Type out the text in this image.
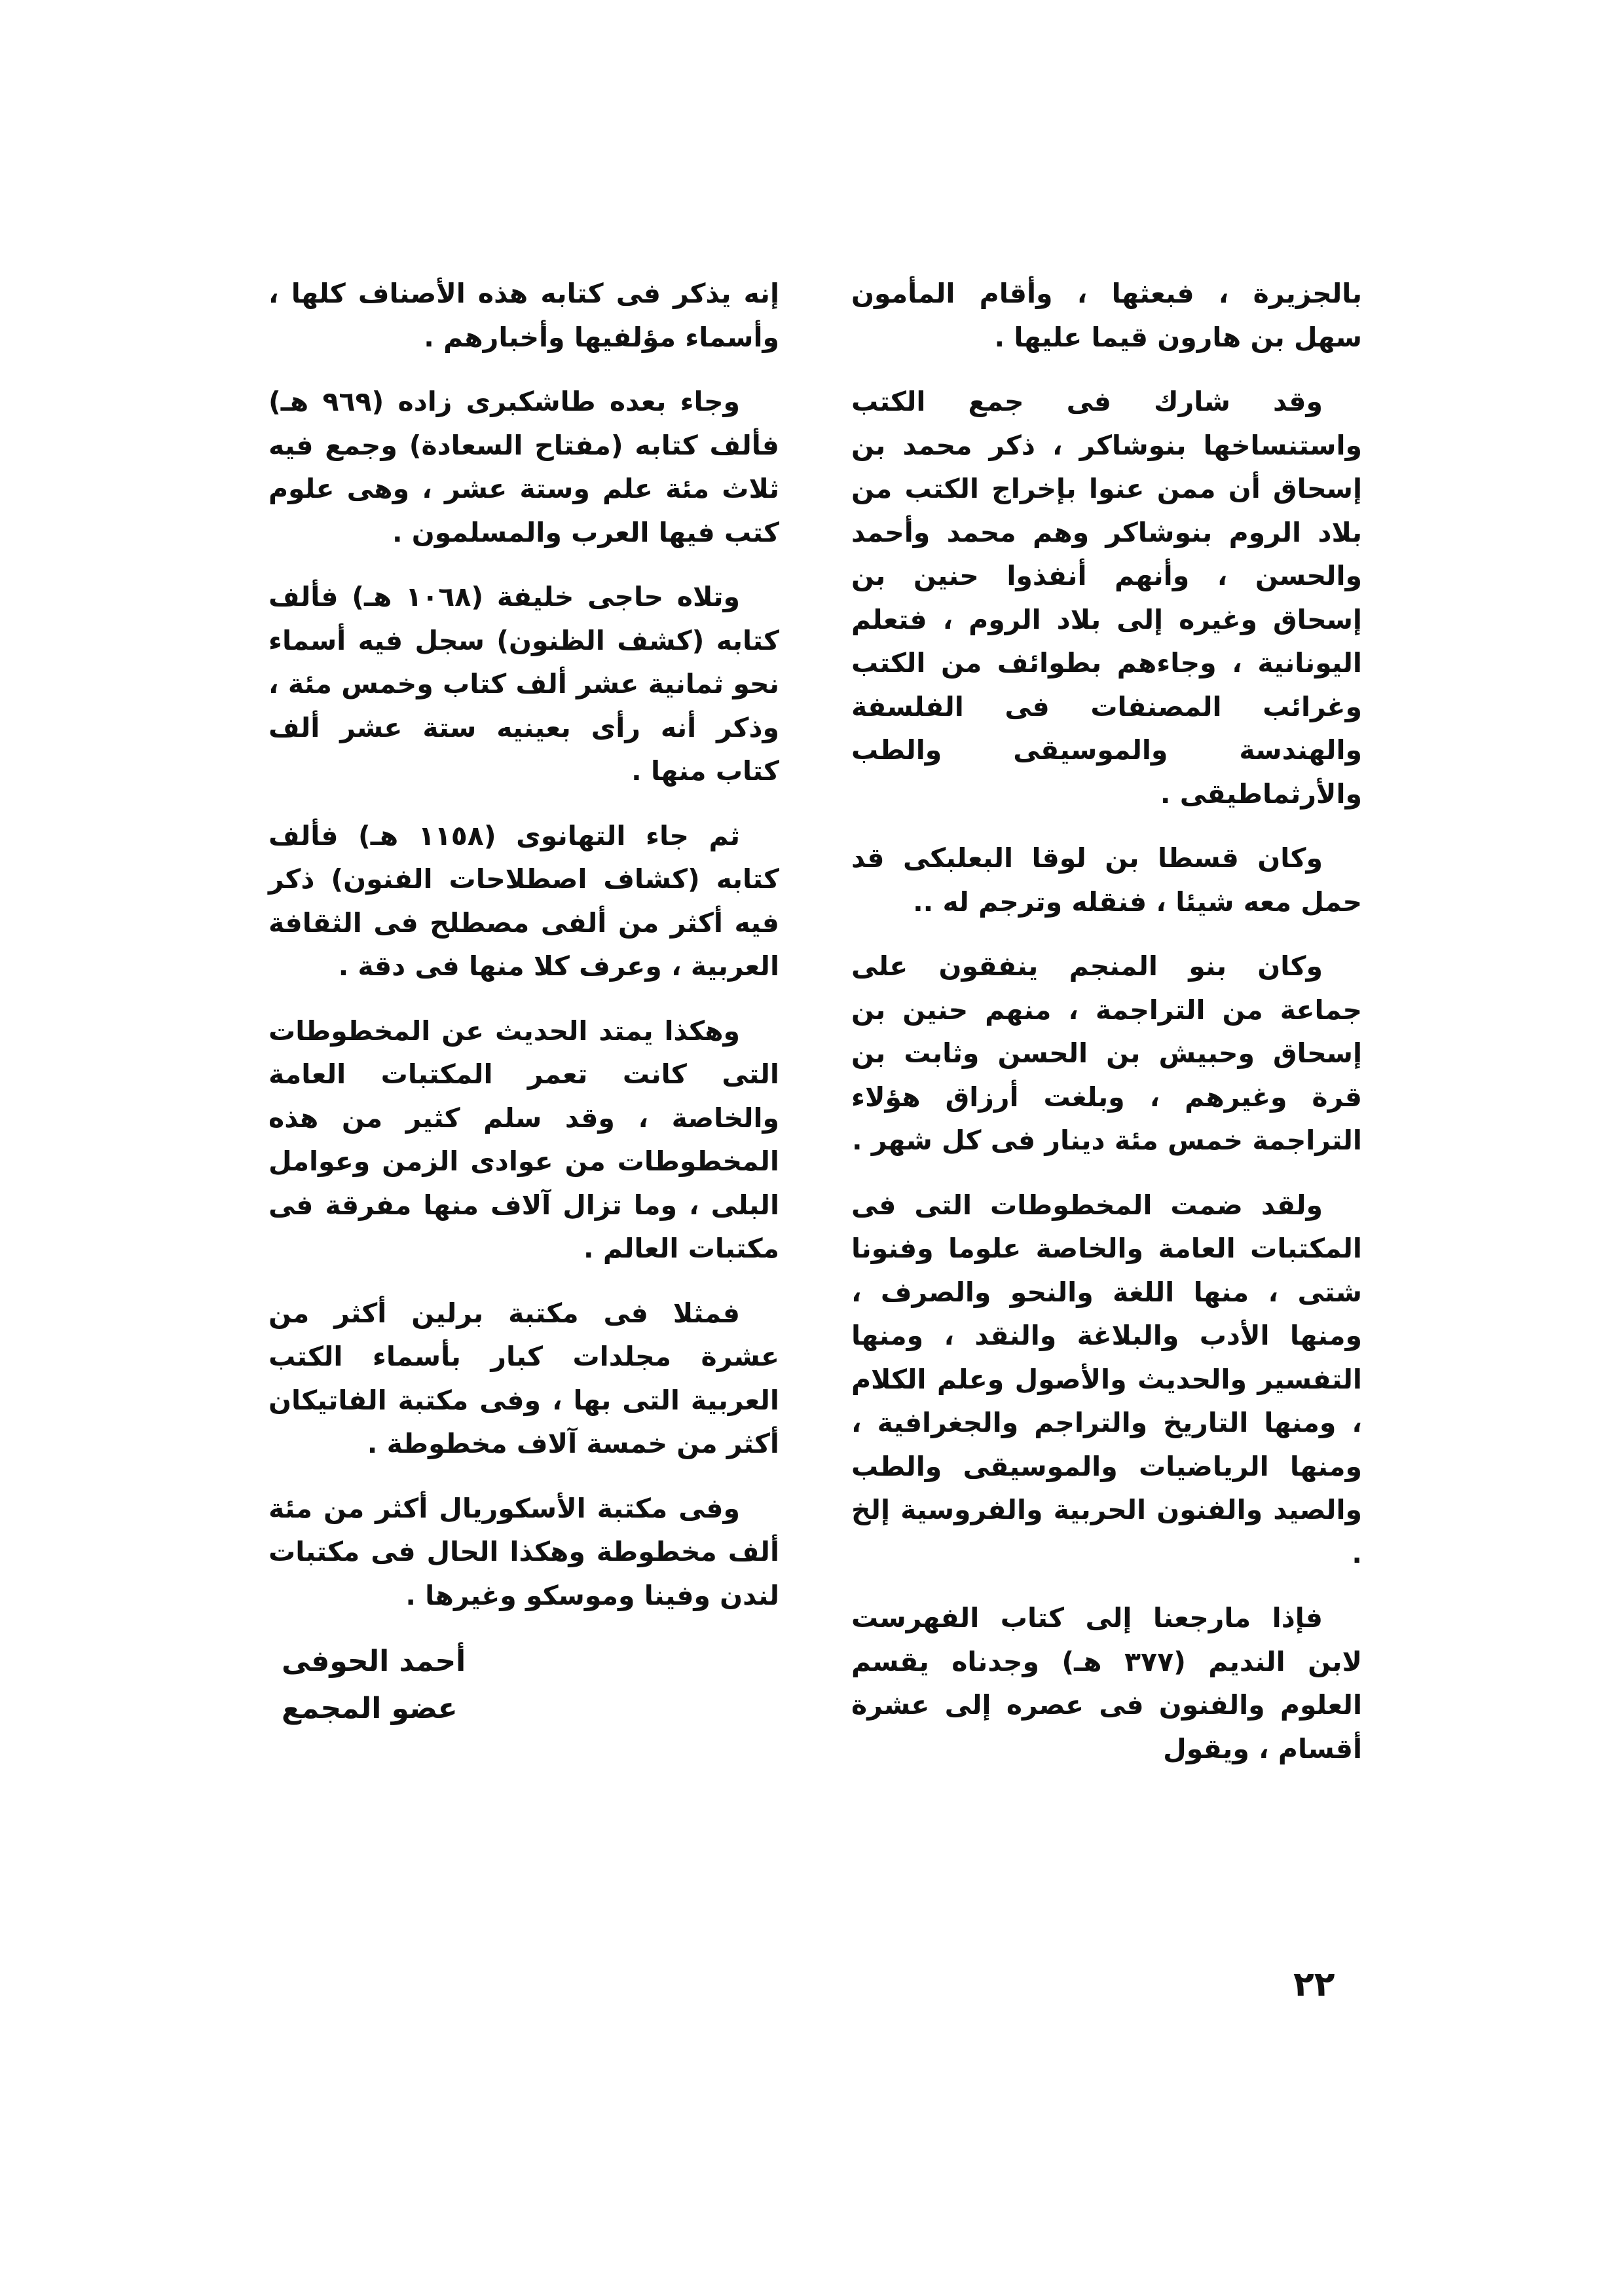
بالجزيرة ، فبعثها ، وأقام المأمون سهل بن هارون قيما عليها .

وقد شارك فى جمع الكتب واستنساخها بنوشاكر ، ذكر محمد بن إسحاق أن ممن عنوا بإخراج الكتب من بلاد الروم بنوشاكر وهم محمد وأحمد والحسن ، وأنهم أنفذوا حنين بن إسحاق وغيره إلى بلاد الروم ، فتعلم اليونانية ، وجاءهم بطوائف من الكتب وغرائب المصنفات فى الفلسفة والهندسة والموسيقى والطب والأرثماطيقى .

وكان قسطا بن لوقا البعلبكى قد حمل معه شيئا ، فنقله وترجم له ..

وكان بنو المنجم ينفقون على جماعة من التراجمة ، منهم حنين بن إسحاق وحبيش بن الحسن وثابت بن قرة وغيرهم ، وبلغت أرزاق هؤلاء التراجمة خمس مئة دينار فى كل شهر .

ولقد ضمت المخطوطات التى فى المكتبات العامة والخاصة علوما وفنونا شتى ، منها اللغة والنحو والصرف ، ومنها الأدب والبلاغة والنقد ، ومنها التفسير والحديث والأصول وعلم الكلام ، ومنها التاريخ والتراجم والجغرافية ، ومنها الرياضيات والموسيقى والطب والصيد والفنون الحربية والفروسية إلخ .

فإذا مارجعنا إلى كتاب الفهرست لابن النديم (٣٧٧ هـ) وجدناه يقسم العلوم والفنون فى عصره إلى عشرة أقسام ، ويقول

إنه يذكر فى كتابه هذه الأصناف كلها ، وأسماء مؤلفيها وأخبارهم .

وجاء بعده طاشكبرى زاده (٩٦٩ هـ) فألف كتابه (مفتاح السعادة) وجمع فيه ثلاث مئة علم وستة عشر ، وهى علوم كتب فيها العرب والمسلمون .

وتلاه حاجى خليفة (١٠٦٨ هـ) فألف كتابه (كشف الظنون) سجل فيه أسماء نحو ثمانية عشر ألف كتاب وخمس مئة ، وذكر أنه رأى بعينيه ستة عشر ألف كتاب منها .

ثم جاء التهانوى (١١٥٨ هـ) فألف كتابه (كشاف اصطلاحات الفنون) ذكر فيه أكثر من ألفى مصطلح فى الثقافة العربية ، وعرف كلا منها فى دقة .

وهكذا يمتد الحديث عن المخطوطات التى كانت تعمر المكتبات العامة والخاصة ، وقد سلم كثير من هذه المخطوطات من عوادى الزمن وعوامل البلى ، وما تزال آلاف منها مفرقة فى مكتبات العالم .

فمثلا فى مكتبة برلين أكثر من عشرة مجلدات كبار بأسماء الكتب العربية التى بها ، وفى مكتبة الفاتيكان أكثر من خمسة آلاف مخطوطة .

وفى مكتبة الأسكوريال أكثر من مئة ألف مخطوطة وهكذا الحال فى مكتبات لندن وفينا وموسكو وغيرها .

أحمد الحوفى
عضو المجمع
٢٢
